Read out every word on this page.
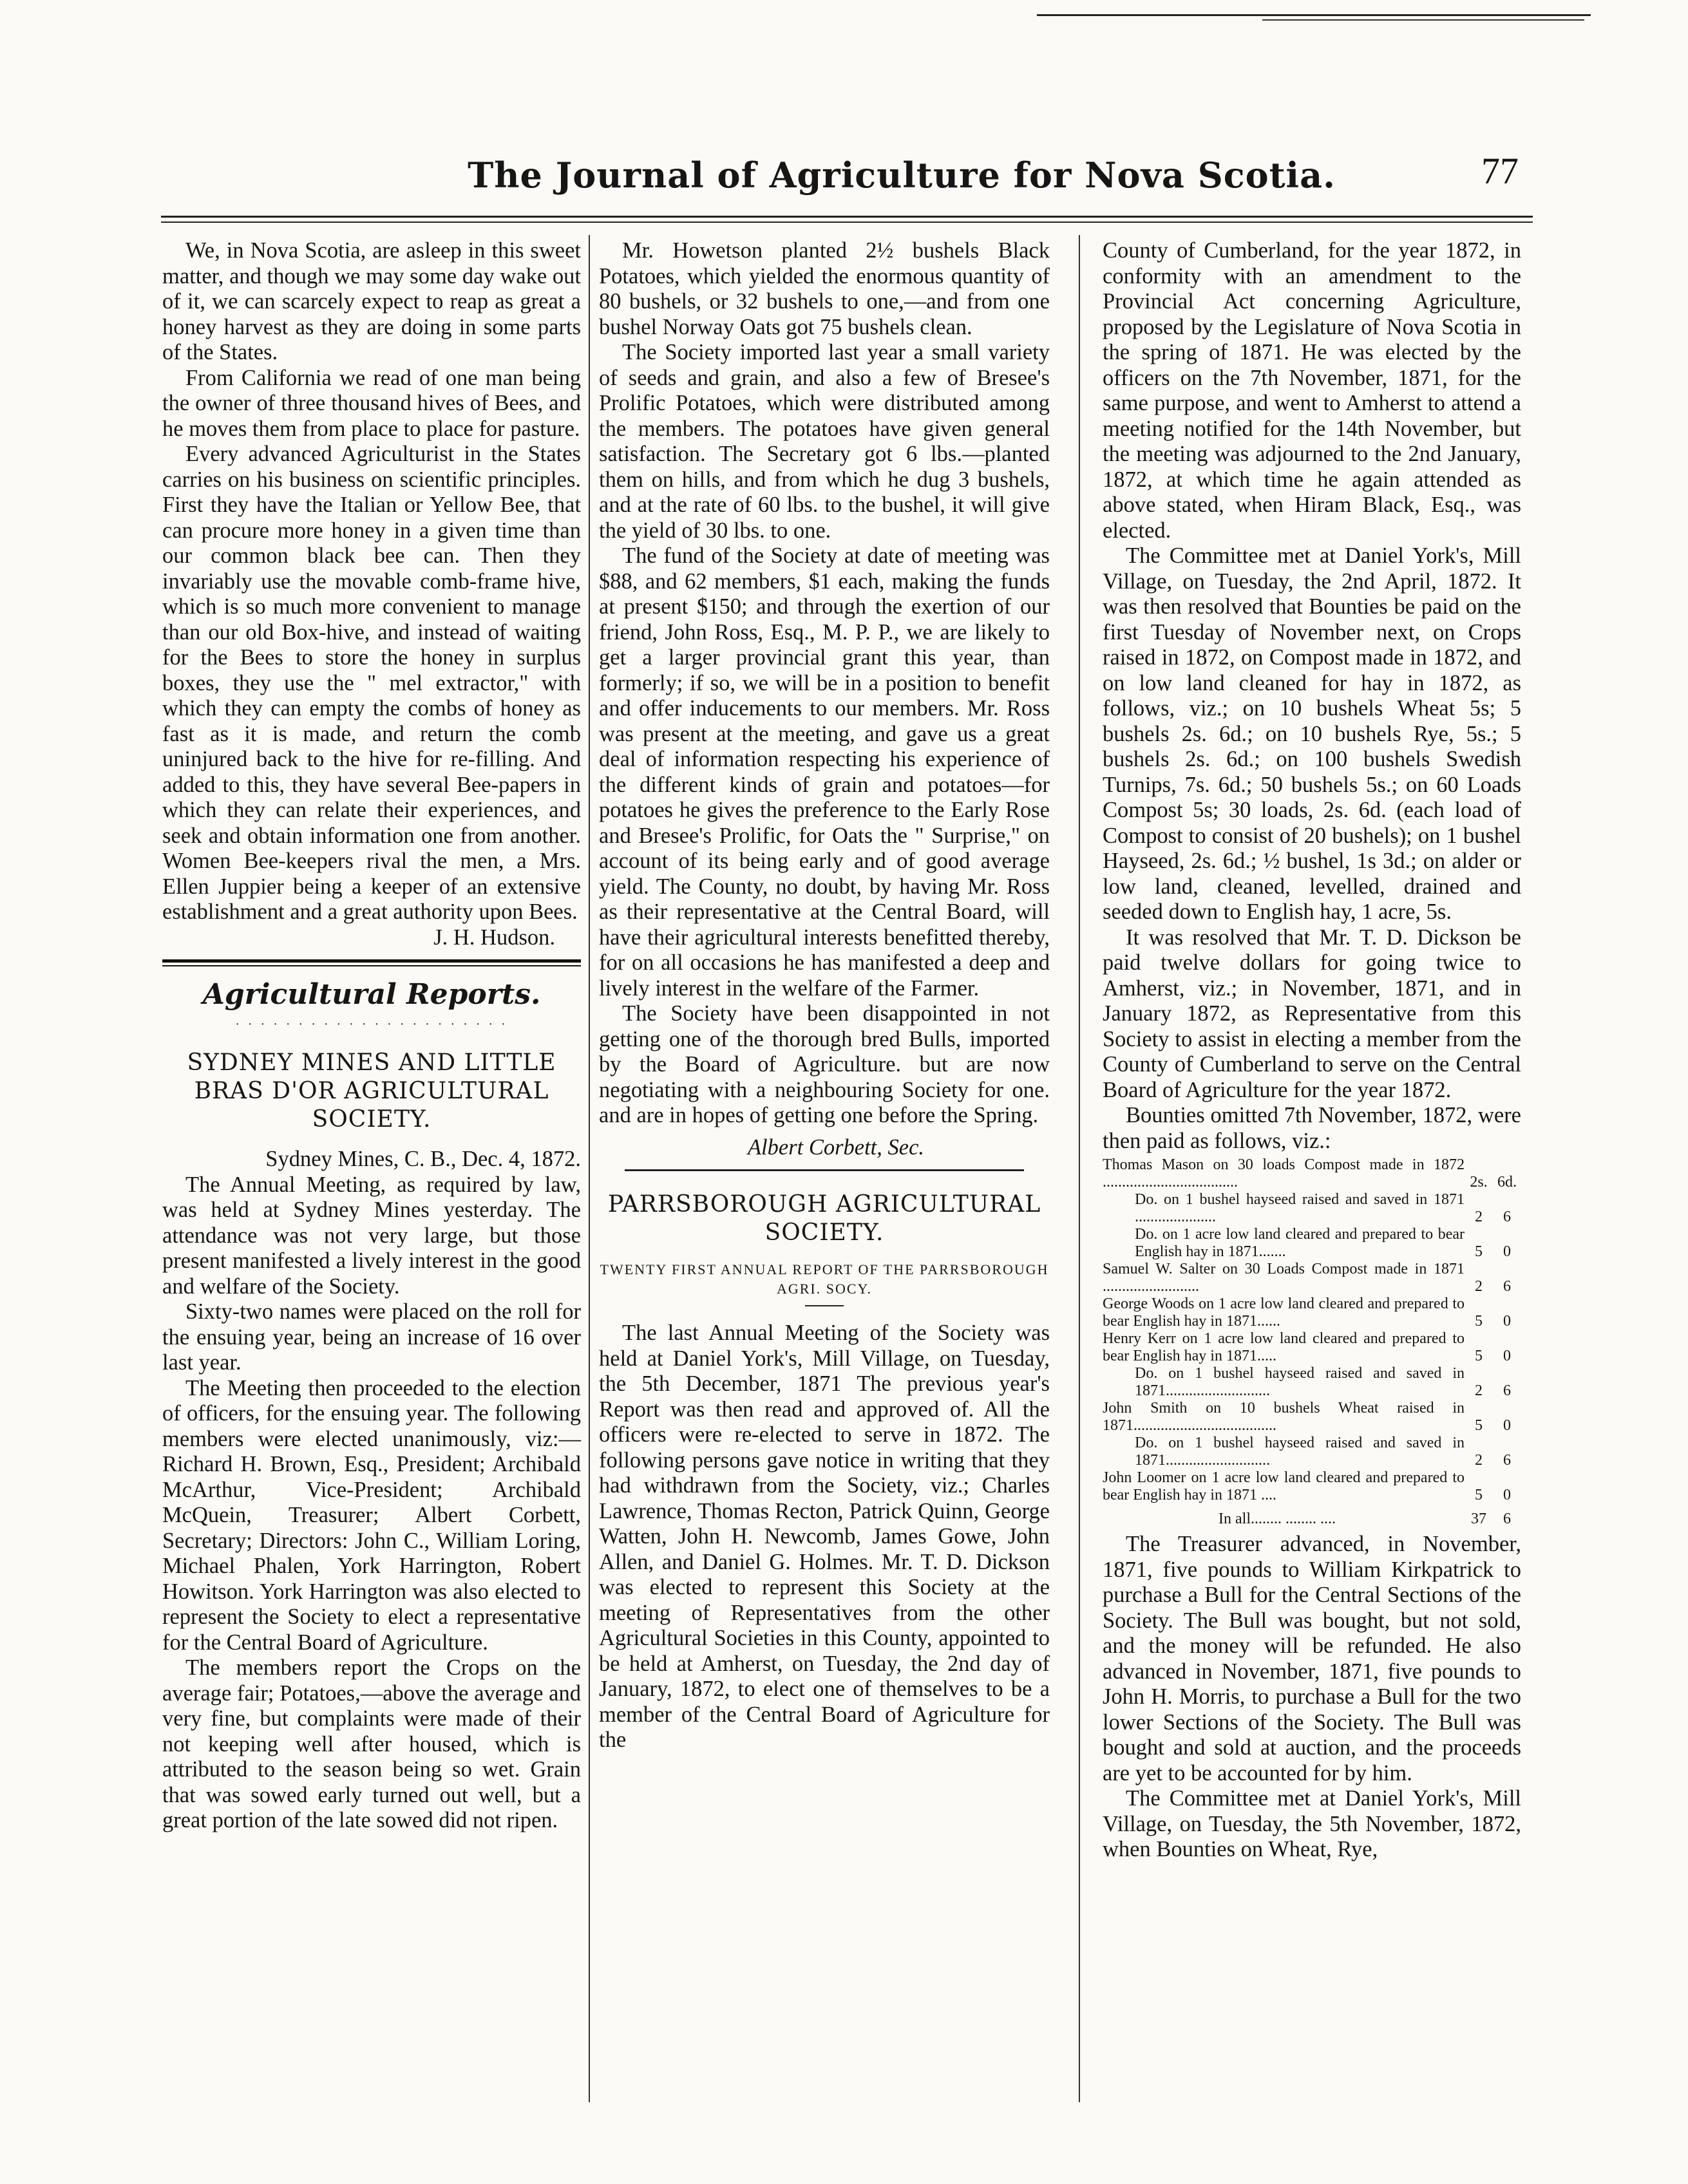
The Journal of Agriculture for Nova Scotia.	77

We, in Nova Scotia, are asleep in this sweet matter, and though we may some day wake out of it, we can scarcely expect to reap as great a honey harvest as they are doing in some parts of the States.

From California we read of one man being the owner of three thousand hives of Bees, and he moves them from place to place for pasture.

Every advanced Agriculturist in the States carries on his business on scientific principles. First they have the Italian or Yellow Bee, that can procure more honey in a given time than our common black bee can. Then they invariably use the movable comb-frame hive, which is so much more convenient to manage than our old Box-hive, and instead of waiting for the Bees to store the honey in surplus boxes, they use the " mel extractor," with which they can empty the combs of honey as fast as it is made, and return the comb uninjured back to the hive for re-filling. And added to this, they have several Bee-papers in which they can relate their experiences, and seek and obtain information one from another. Women Bee-keepers rival the men, a Mrs. Ellen Juppier being a keeper of an extensive establishment and a great authority upon Bees.

J. H. Hudson.

Agricultural Reports.
· · · · · · · · · · · · · · · · · · · · · ·
SYDNEY MINES AND LITTLE BRAS D'OR AGRICULTURAL SOCIETY.

Sydney Mines, C. B., Dec. 4, 1872.

The Annual Meeting, as required by law, was held at Sydney Mines yesterday. The attendance was not very large, but those present manifested a lively interest in the good and welfare of the Society.

Sixty-two names were placed on the roll for the ensuing year, being an increase of 16 over last year.

The Meeting then proceeded to the election of officers, for the ensuing year. The following members were elected unanimously, viz:—Richard H. Brown, Esq., President; Archibald McArthur, Vice-President; Archibald McQuein, Treasurer; Albert Corbett, Secretary; Directors: John C., William Loring, Michael Phalen, York Harrington, Robert Howitson. York Harrington was also elected to represent the Society to elect a representative for the Central Board of Agriculture.

The members report the Crops on the average fair; Potatoes,—above the average and very fine, but complaints were made of their not keeping well after housed, which is attributed to the season being so wet. Grain that was sowed early turned out well, but a great portion of the late sowed did not ripen.

Mr. Howetson planted 2½ bushels Black Potatoes, which yielded the enormous quantity of 80 bushels, or 32 bushels to one,—and from one bushel Norway Oats got 75 bushels clean.

The Society imported last year a small variety of seeds and grain, and also a few of Bresee's Prolific Potatoes, which were distributed among the members. The potatoes have given general satisfaction. The Secretary got 6 lbs.—planted them on hills, and from which he dug 3 bushels, and at the rate of 60 lbs. to the bushel, it will give the yield of 30 lbs. to one.

The fund of the Society at date of meeting was $88, and 62 members, $1 each, making the funds at present $150; and through the exertion of our friend, John Ross, Esq., M. P. P., we are likely to get a larger provincial grant this year, than formerly; if so, we will be in a position to benefit and offer inducements to our members. Mr. Ross was present at the meeting, and gave us a great deal of information respecting his experience of the different kinds of grain and potatoes—for potatoes he gives the preference to the Early Rose and Bresee's Prolific, for Oats the " Surprise," on account of its being early and of good average yield. The County, no doubt, by having Mr. Ross as their representative at the Central Board, will have their agricultural interests benefitted thereby, for on all occasions he has manifested a deep and lively interest in the welfare of the Farmer.

The Society have been disappointed in not getting one of the thorough bred Bulls, imported by the Board of Agriculture. but are now negotiating with a neighbouring Society for one. and are in hopes of getting one before the Spring.

Albert Corbett, Sec.

PARRSBOROUGH AGRICULTURAL SOCIETY.
TWENTY FIRST ANNUAL REPORT OF THE PARRSBOROUGH AGRI. SOCY.

The last Annual Meeting of the Society was held at Daniel York's, Mill Village, on Tuesday, the 5th December, 1871 The previous year's Report was then read and approved of. All the officers were re-elected to serve in 1872. The following persons gave notice in writing that they had withdrawn from the Society, viz.; Charles Lawrence, Thomas Recton, Patrick Quinn, George Watten, John H. Newcomb, James Gowe, John Allen, and Daniel G. Holmes. Mr. T. D. Dickson was elected to represent this Society at the meeting of Representatives from the other Agricultural Societies in this County, appointed to be held at Amherst, on Tuesday, the 2nd day of January, 1872, to elect one of themselves to be a member of the Central Board of Agriculture for the

County of Cumberland, for the year 1872, in conformity with an amendment to the Provincial Act concerning Agriculture, proposed by the Legislature of Nova Scotia in the spring of 1871. He was elected by the officers on the 7th November, 1871, for the same purpose, and went to Amherst to attend a meeting notified for the 14th November, but the meeting was adjourned to the 2nd January, 1872, at which time he again attended as above stated, when Hiram Black, Esq., was elected.

The Committee met at Daniel York's, Mill Village, on Tuesday, the 2nd April, 1872. It was then resolved that Bounties be paid on the first Tuesday of November next, on Crops raised in 1872, on Compost made in 1872, and on low land cleaned for hay in 1872, as follows, viz.; on 10 bushels Wheat 5s; 5 bushels 2s. 6d.; on 10 bushels Rye, 5s.; 5 bushels 2s. 6d.; on 100 bushels Swedish Turnips, 7s. 6d.; 50 bushels 5s.; on 60 Loads Compost 5s; 30 loads, 2s. 6d. (each load of Compost to consist of 20 bushels); on 1 bushel Hayseed, 2s. 6d.; ½ bushel, 1s 3d.; on alder or low land, cleaned, levelled, drained and seeded down to English hay, 1 acre, 5s.

It was resolved that Mr. T. D. Dickson be paid twelve dollars for going twice to Amherst, viz.; in November, 1871, and in January 1872, as Representative from this Society to assist in electing a member from the County of Cumberland to serve on the Central Board of Agriculture for the year 1872.

Bounties omitted 7th November, 1872, were then paid as follows, viz.:

Thomas Mason on 30 loads Compost made in 1872 ...................................	2s.	6d.
Do. on 1 bushel hayseed raised and saved in 1871 .....................	2	6
Do. on 1 acre low land cleared and prepared to bear English hay in 1871.......	5	0
Samuel W. Salter on 30 Loads Compost made in 1871 .........................	2	6
George Woods on 1 acre low land cleared and prepared to bear English hay in 1871......	5	0
Henry Kerr on 1 acre low land cleared and prepared to bear English hay in 1871.....	5	0
Do. on 1 bushel hayseed raised and saved in 1871...........................	2	6
John Smith on 10 bushels Wheat raised in 1871.....................................	5	0
Do. on 1 bushel hayseed raised and saved in 1871...........................	2	6
John Loomer on 1 acre low land cleared and prepared to bear English hay in 1871 ....	5	0
In all........ ........ ....	37	6

The Treasurer advanced, in November, 1871, five pounds to William Kirkpatrick to purchase a Bull for the Central Sections of the Society. The Bull was bought, but not sold, and the money will be refunded. He also advanced in November, 1871, five pounds to John H. Morris, to purchase a Bull for the two lower Sections of the Society. The Bull was bought and sold at auction, and the proceeds are yet to be accounted for by him.

The Committee met at Daniel York's, Mill Village, on Tuesday, the 5th November, 1872, when Bounties on Wheat, Rye,
